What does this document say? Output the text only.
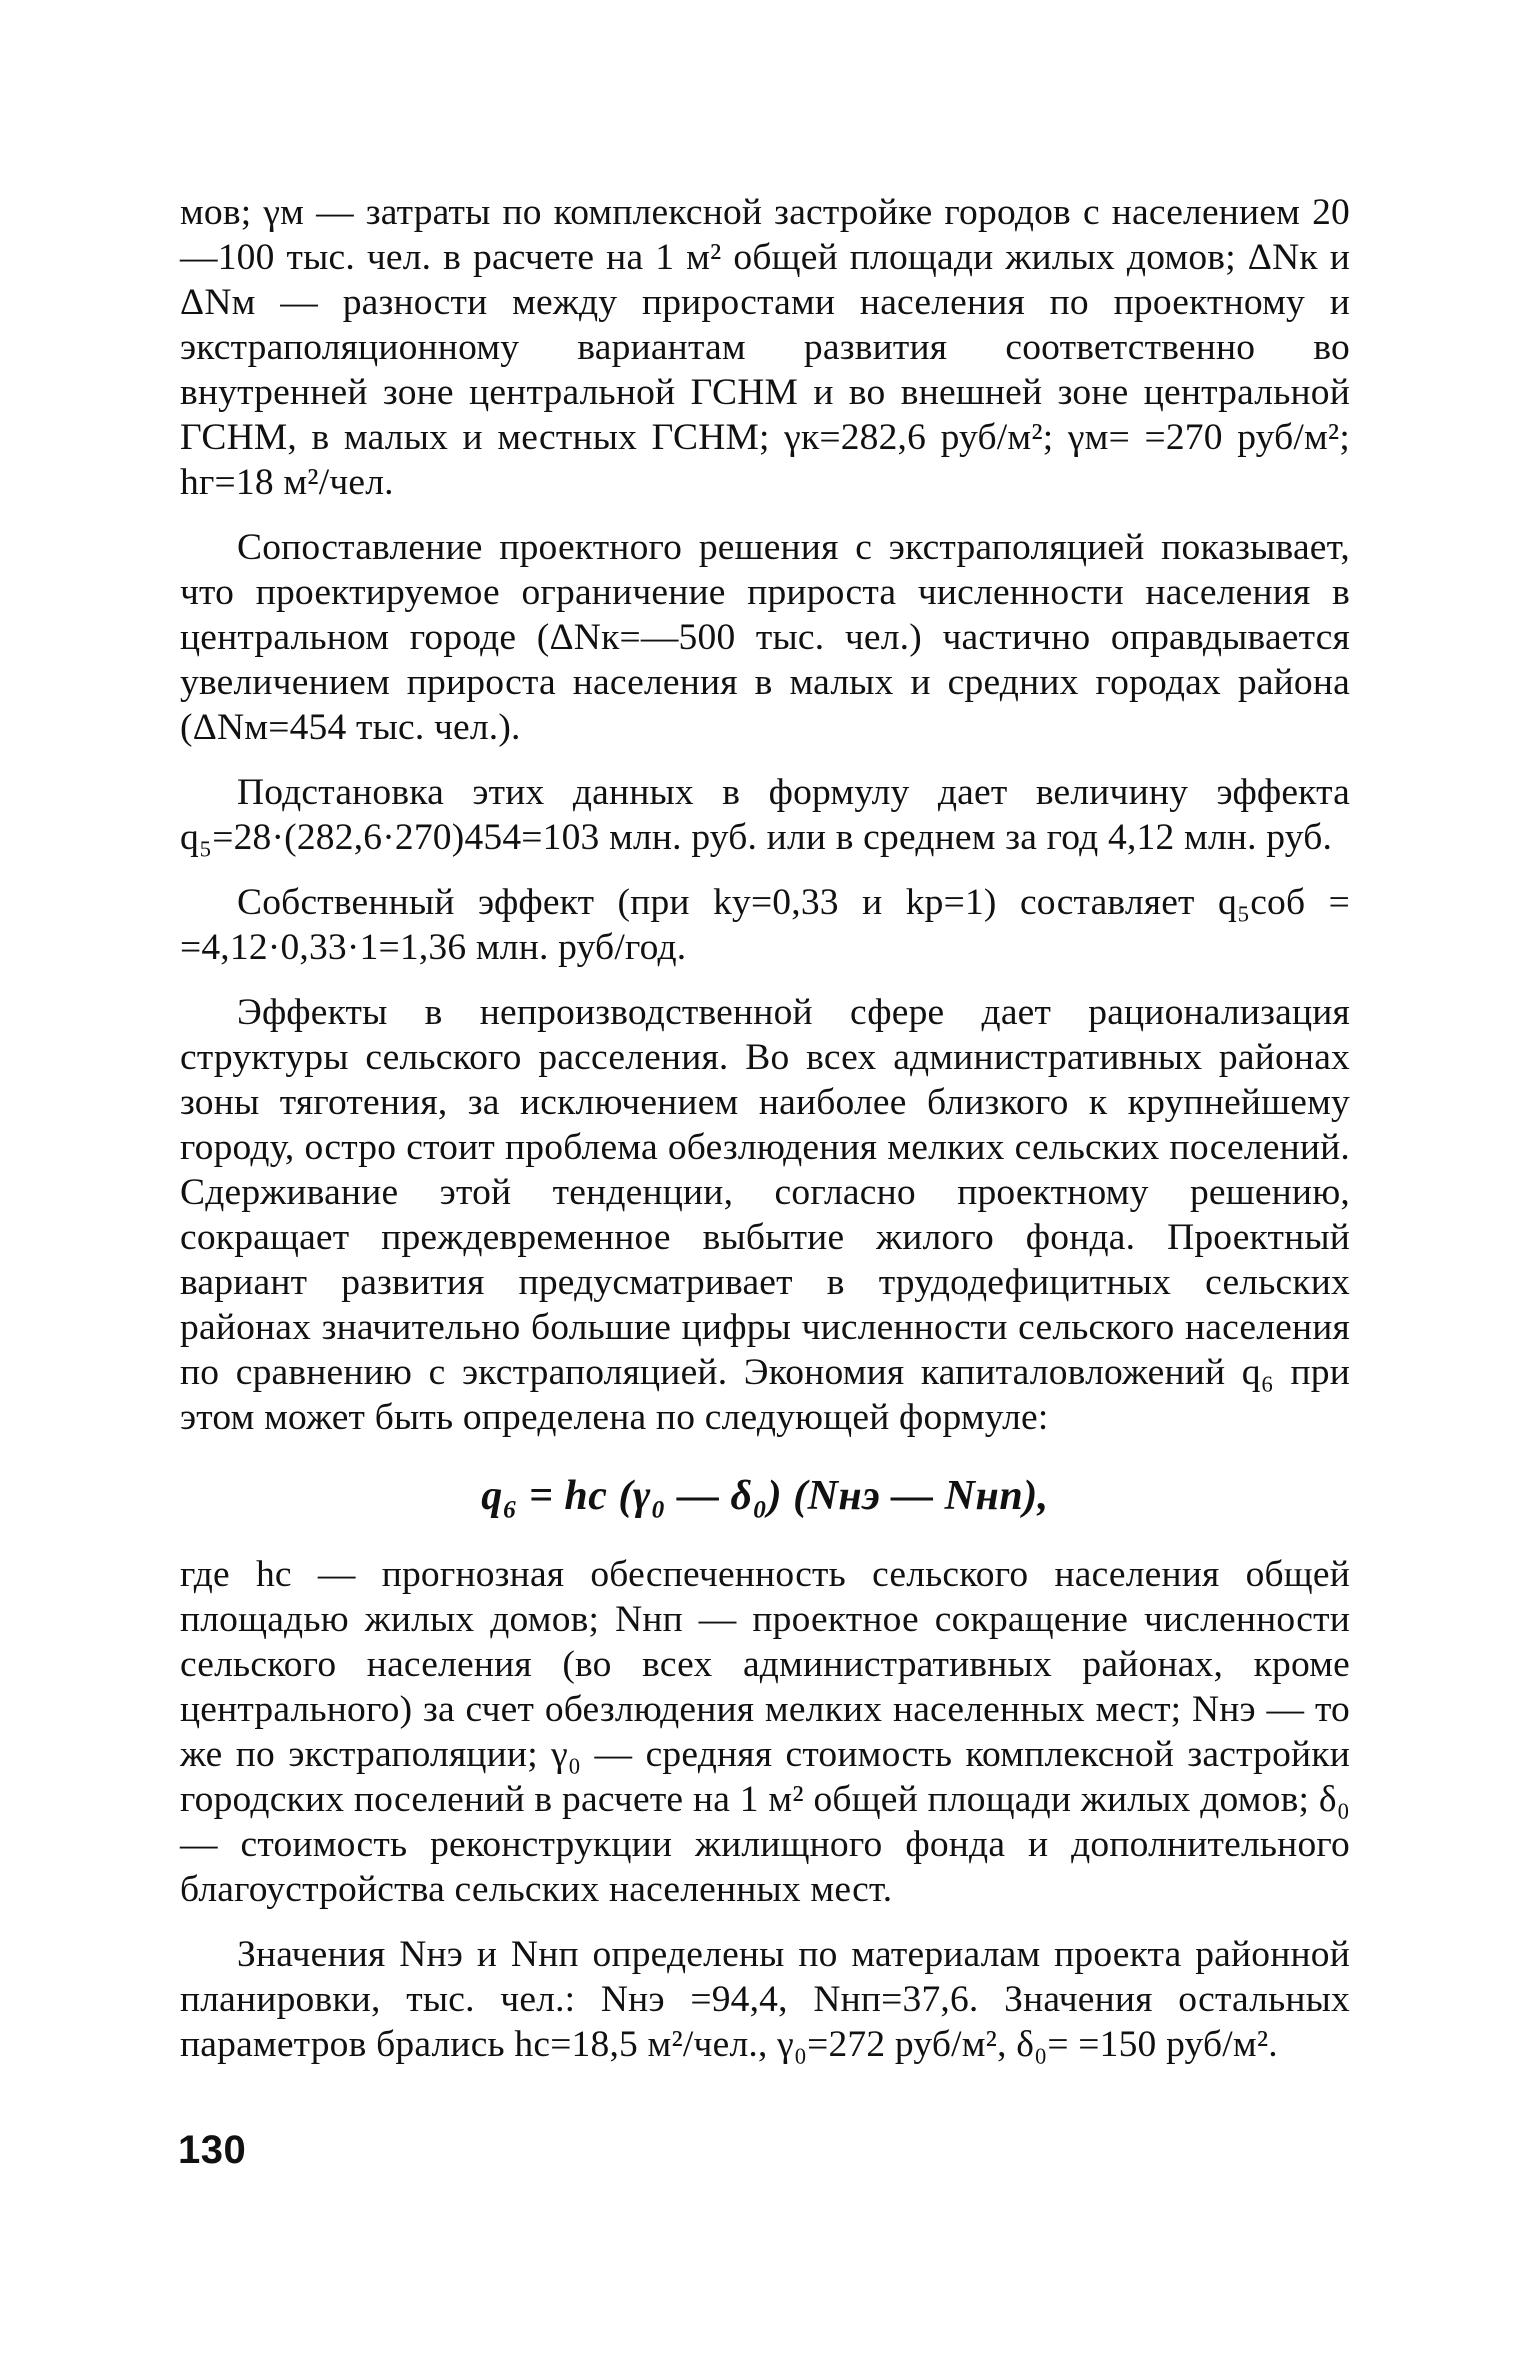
мов; γм — затраты по комплексной застройке городов с населением 20—100 тыс. чел. в расчете на 1 м² общей площади жилых домов; ΔNк и ΔNм — разности между приростами населения по проектному и экстраполяционному вариантам развития соответственно во внутренней зоне центральной ГСНМ и во внешней зоне центральной ГСНМ, в малых и местных ГСНМ; γк=282,6 руб/м²; γм= =270 руб/м²; hг=18 м²/чел.

Сопоставление проектного решения с экстраполяцией показывает, что проектируемое ограничение прироста численности населения в центральном городе (ΔNк=—500 тыс. чел.) частично оправдывается увеличением прироста населения в малых и средних городах района (ΔNм=454 тыс. чел.).

Подстановка этих данных в формулу дает величину эффекта q₅=28·(282,6·270)454=103 млн. руб. или в среднем за год 4,12 млн. руб.

Собственный эффект (при kу=0,33 и kр=1) составляет q₅соб = =4,12·0,33·1=1,36 млн. руб/год.

Эффекты в непроизводственной сфере дает рационализация структуры сельского расселения. Во всех административных районах зоны тяготения, за исключением наиболее близкого к крупнейшему городу, остро стоит проблема обезлюдения мелких сельских поселений. Сдерживание этой тенденции, согласно проектному решению, сокращает преждевременное выбытие жилого фонда. Проектный вариант развития предусматривает в трудодефицитных сельских районах значительно большие цифры численности сельского населения по сравнению с экстраполяцией. Экономия капиталовложений q₆ при этом может быть определена по следующей формуле:

q₆ = hс (γ₀ — δ₀) (Nнэ — Nнп),

где hс — прогнозная обеспеченность сельского населения общей площадью жилых домов; Nнп — проектное сокращение численности сельского населения (во всех административных районах, кроме центрального) за счет обезлюдения мелких населенных мест; Nнэ — то же по экстраполяции; γ₀ — средняя стоимость комплексной застройки городских поселений в расчете на 1 м² общей площади жилых домов; δ₀ — стоимость реконструкции жилищного фонда и дополнительного благоустройства сельских населенных мест.

Значения Nнэ и Nнп определены по материалам проекта районной планировки, тыс. чел.: Nнэ =94,4, Nнп=37,6. Значения остальных параметров брались hс=18,5 м²/чел., γ₀=272 руб/м², δ₀= =150 руб/м².

130
